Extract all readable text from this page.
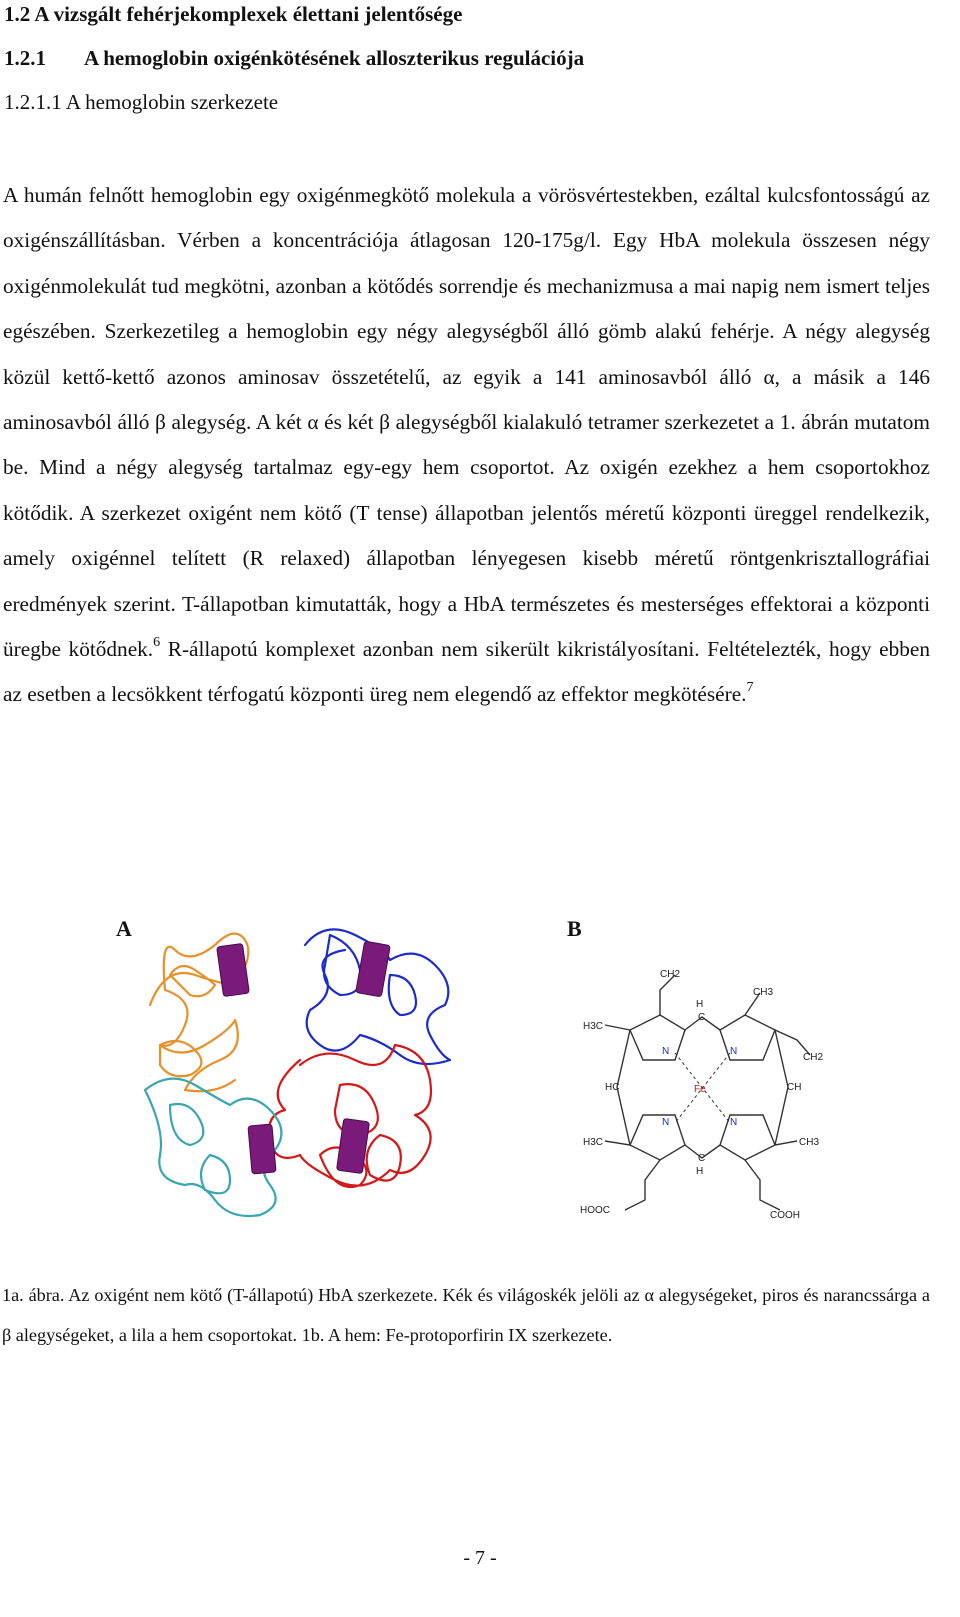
1.2 A vizsgált fehérjekomplexek élettani jelentősége
1.2.1 A hemoglobin oxigénkötésének alloszterikus regulációja
1.2.1.1 A hemoglobin szerkezete
A humán felnőtt hemoglobin egy oxigénmegkötő molekula a vörösvértestekben, ezáltal kulcsfontosságú az oxigénszállításban. Vérben a koncentrációja átlagosan 120-175g/l. Egy HbA molekula összesen négy oxigénmolekulát tud megkötni, azonban a kötődés sorrendje és mechanizmusa a mai napig nem ismert teljes egészében. Szerkezetileg a hemoglobin egy négy alegységből álló gömb alakú fehérje. A négy alegység közül kettő-kettő azonos aminosav összetételű, az egyik a 141 aminosavból álló α, a másik a 146 aminosavból álló β alegység. A két α és két β alegységből kialakuló tetramer szerkezetet a 1. ábrán mutatom be. Mind a négy alegység tartalmaz egy-egy hem csoportot. Az oxigén ezekhez a hem csoportokhoz kötődik. A szerkezet oxigént nem kötő (T tense) állapotban jelentős méretű központi üreggel rendelkezik, amely oxigénnel telített (R relaxed) állapotban lényegesen kisebb méretű röntgenkrisztallográfiai eredmények szerint. T-állapotban kimutatták, hogy a HbA természetes és mesterséges effektorai a központi üregbe kötődnek.$^6$ R-állapotú komplexet azonban nem sikerült kikristályosítani. Feltételezték, hogy ebben az esetben a lecsökkent térfogatú központi üreg nem elegendő az effektor megkötésére.$^7$
A	B
CH2
H
C
CH3
H3C
N	N
CH2
HC	Fe	CH
N	N
H3C	CH3
C
H
HOOC	COOH
1a. ábra. Az oxigént nem kötő (T-állapotú) HbA szerkezete. Kék és világoskék jelöli az α alegységeket, piros és narancssárga a β alegységeket, a lila a hem csoportokat. 1b. A hem: Fe-protoporfirin IX szerkezete.
- 7 -
